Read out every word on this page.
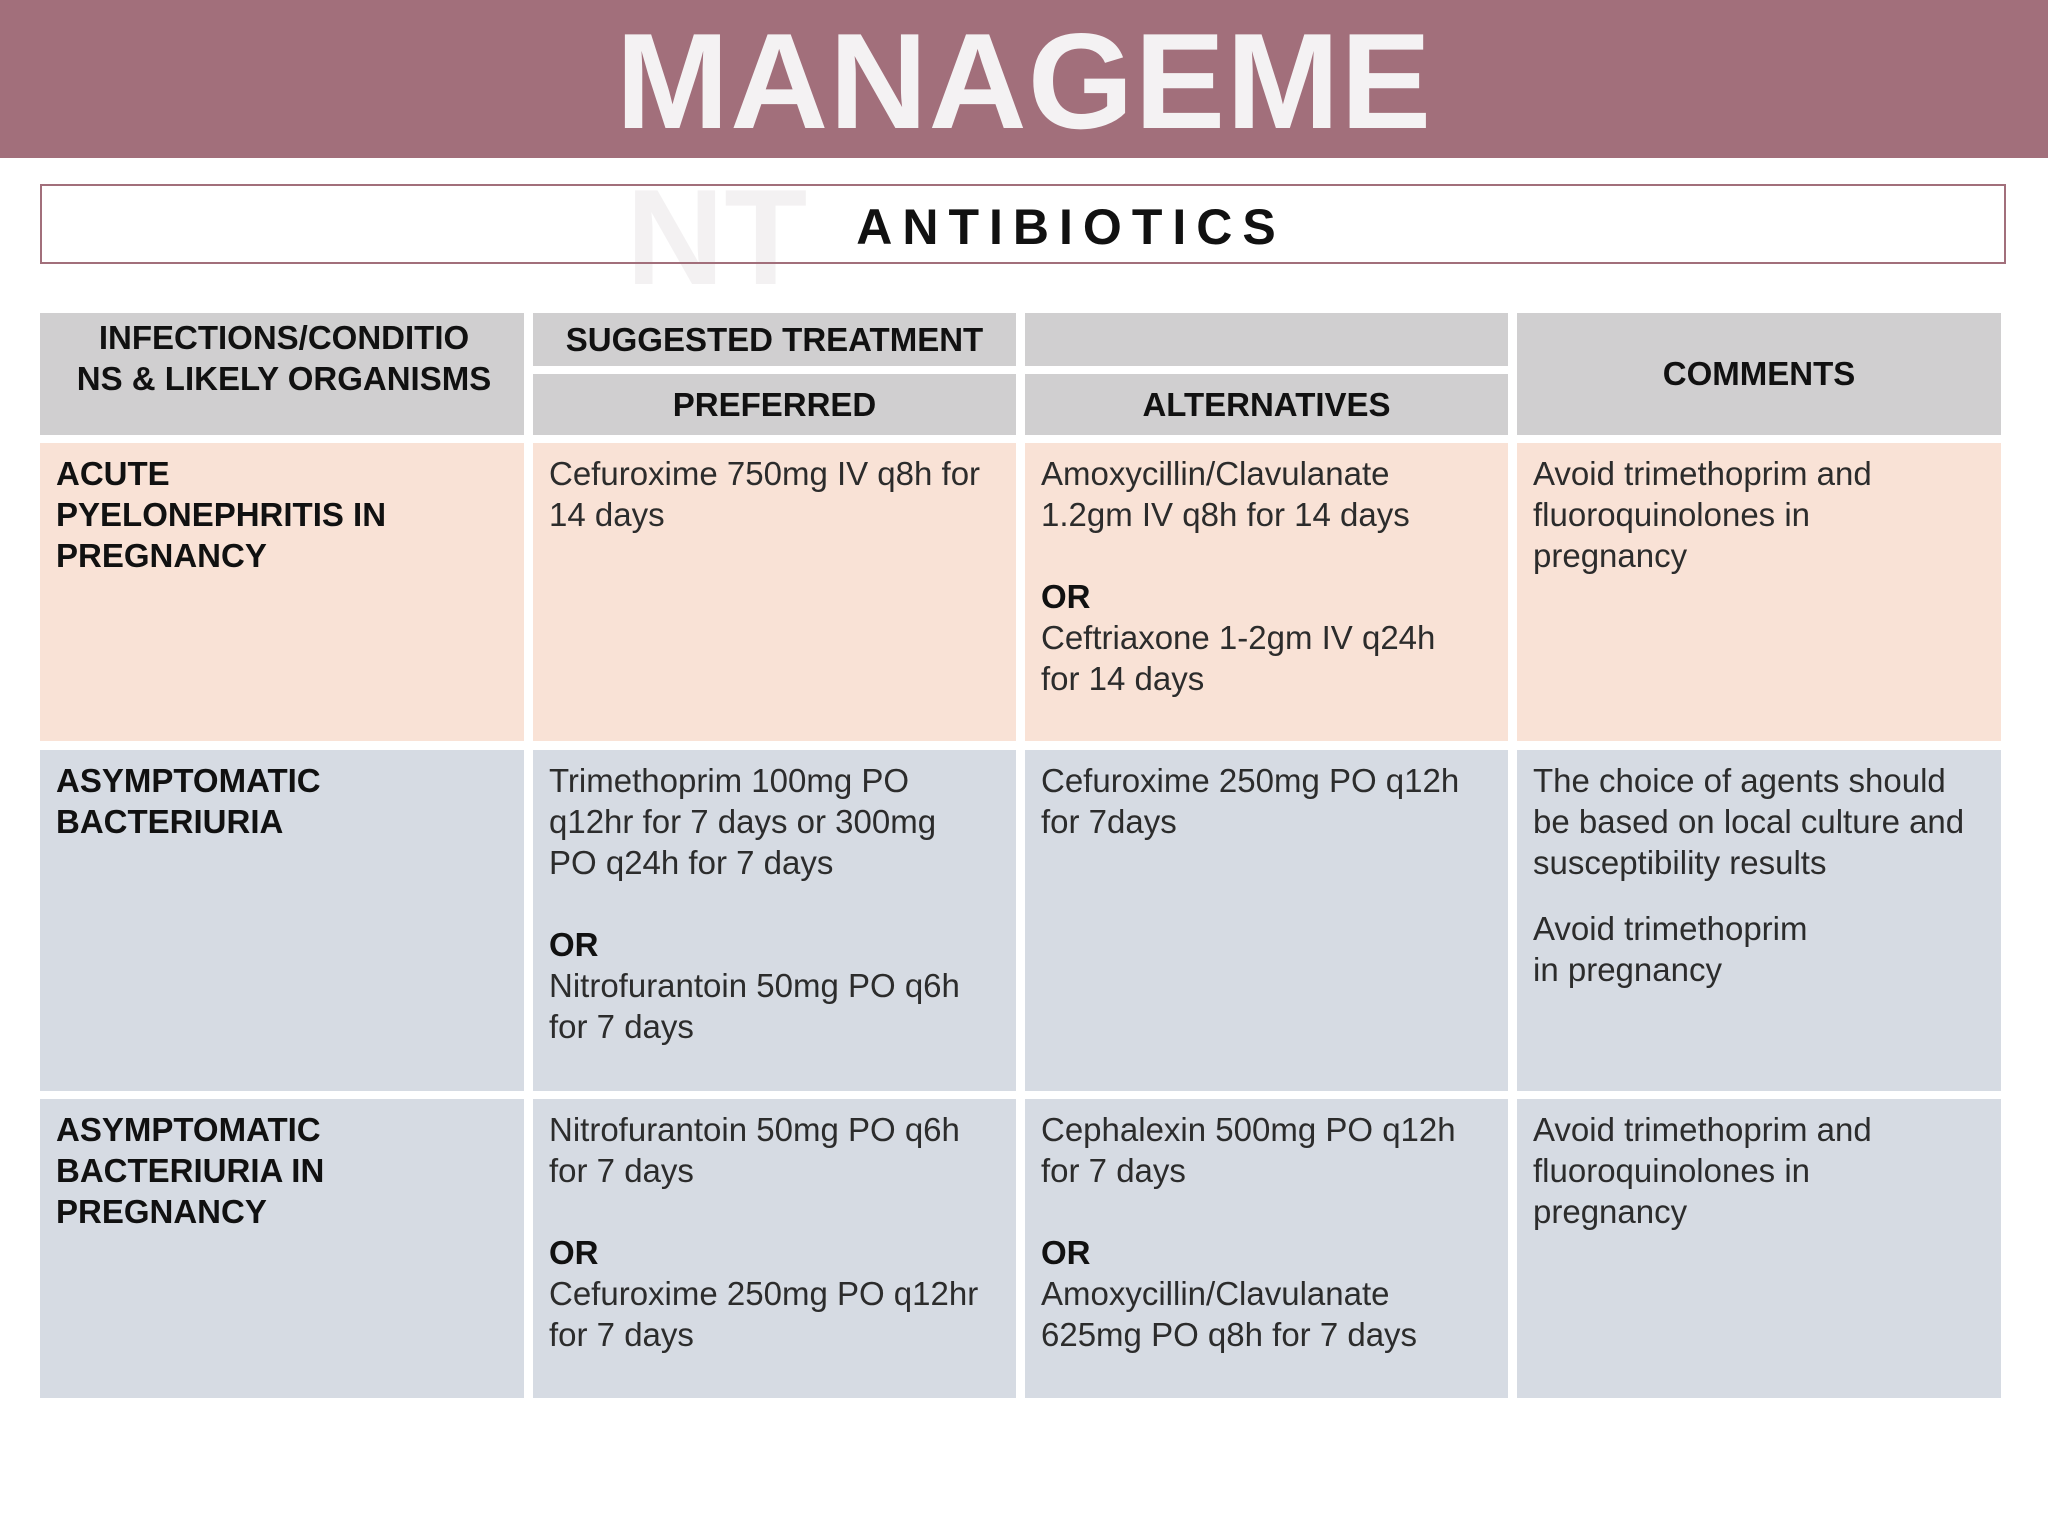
MANAGEME
NT ANTIBIOTICS
INFECTIONS/CONDITIO NS & LIKELY ORGANISMS
SUGGESTED TREATMENT
PREFERRED	ALTERNATIVES
COMMENTS

ACUTE PYELONEPHRITIS IN PREGNANCY

Cefuroxime 750mg IV q8h for 14 days

Amoxycillin/Clavulanate 1.2gm IV q8h for 14 days

OR

Ceftriaxone 1-2gm IV q24h for 14 days

Avoid trimethoprim and fluoroquinolones in pregnancy

ASYMPTOMATIC BACTERIURIA

Trimethoprim 100mg PO q12hr for 7 days or 300mg PO q24h for 7 days

OR

Nitrofurantoin 50mg PO q6h for 7 days

Cefuroxime 250mg PO q12h for 7days

The choice of agents should be based on local culture and susceptibility results

Avoid trimethoprim in pregnancy

ASYMPTOMATIC BACTERIURIA IN PREGNANCY

Nitrofurantoin 50mg PO q6h for 7 days

OR

Cefuroxime 250mg PO q12hr for 7 days

Cephalexin 500mg PO q12h for 7 days

OR

Amoxycillin/Clavulanate 625mg PO q8h for 7 days

Avoid trimethoprim and fluoroquinolones in pregnancy
